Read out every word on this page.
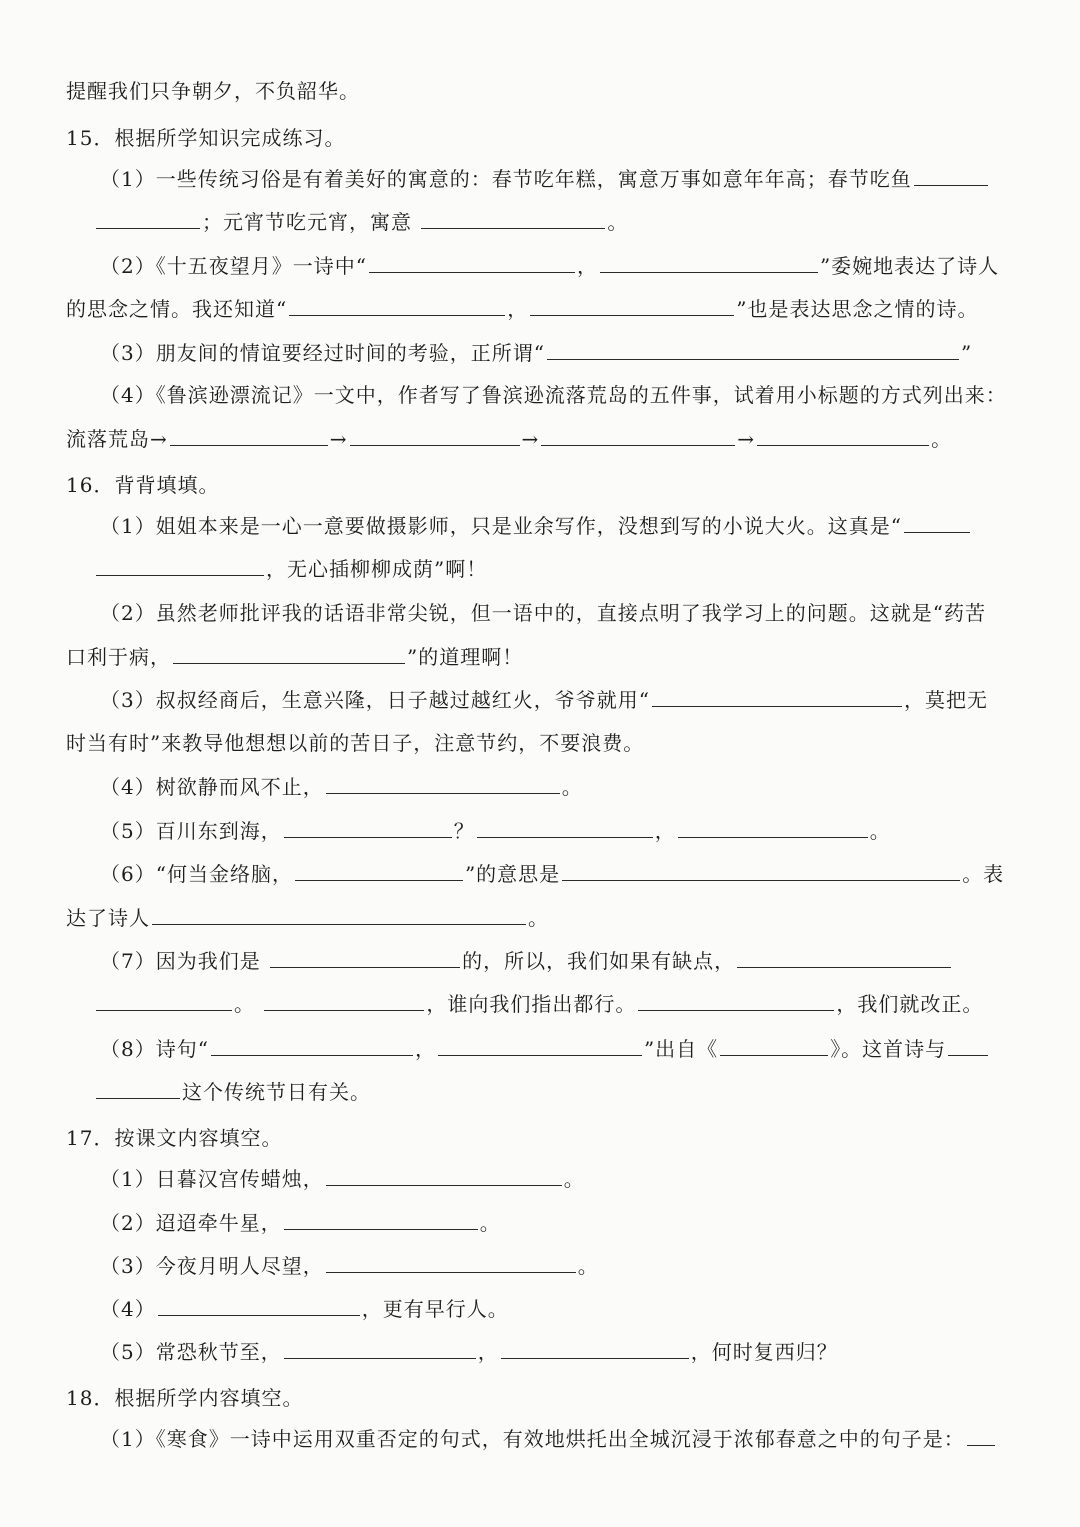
提醒我们只争朝夕，不负韶华。
15．根据所学知识完成练习。
（1）一些传统习俗是有着美好的寓意的：春节吃年糕，寓意万事如意年年高；春节吃鱼
；元宵节吃元宵，寓意	。
（2）《十五夜望月》一诗中“	，	”委婉地表达了诗人
的思念之情。我还知道“	，	”也是表达思念之情的诗。
（3）朋友间的情谊要经过时间的考验，正所谓“	”
（4）《鲁滨逊漂流记》一文中，作者写了鲁滨逊流落荒岛的五件事，试着用小标题的方式列出来：
流落荒岛→	→	→	→	。
16．背背填填。
（1）姐姐本来是一心一意要做摄影师，只是业余写作，没想到写的小说大火。这真是“
，无心插柳柳成荫”啊！
（2）虽然老师批评我的话语非常尖锐，但一语中的，直接点明了我学习上的问题。这就是“药苦
口利于病，	”的道理啊！
（3）叔叔经商后，生意兴隆，日子越过越红火，爷爷就用“	，莫把无
时当有时”来教导他想想以前的苦日子，注意节约，不要浪费。
（4）树欲静而风不止，	。
（5）百川东到海，	？	，	。
（6）“何当金络脑，	”的意思是	。表
达了诗人	。
（7）因为我们是	的，所以，我们如果有缺点，
。	，谁向我们指出都行。	，我们就改正。
（8）诗句“	，	”出自《	》。这首诗与
这个传统节日有关。
17．按课文内容填空。
（1）日暮汉宫传蜡烛，	。
（2）迢迢牵牛星，	。
（3）今夜月明人尽望，	。
（4）	，更有早行人。
（5）常恐秋节至，	，	，何时复西归？
18．根据所学内容填空。
（1）《寒食》一诗中运用双重否定的句式，有效地烘托出全城沉浸于浓郁春意之中的句子是：
